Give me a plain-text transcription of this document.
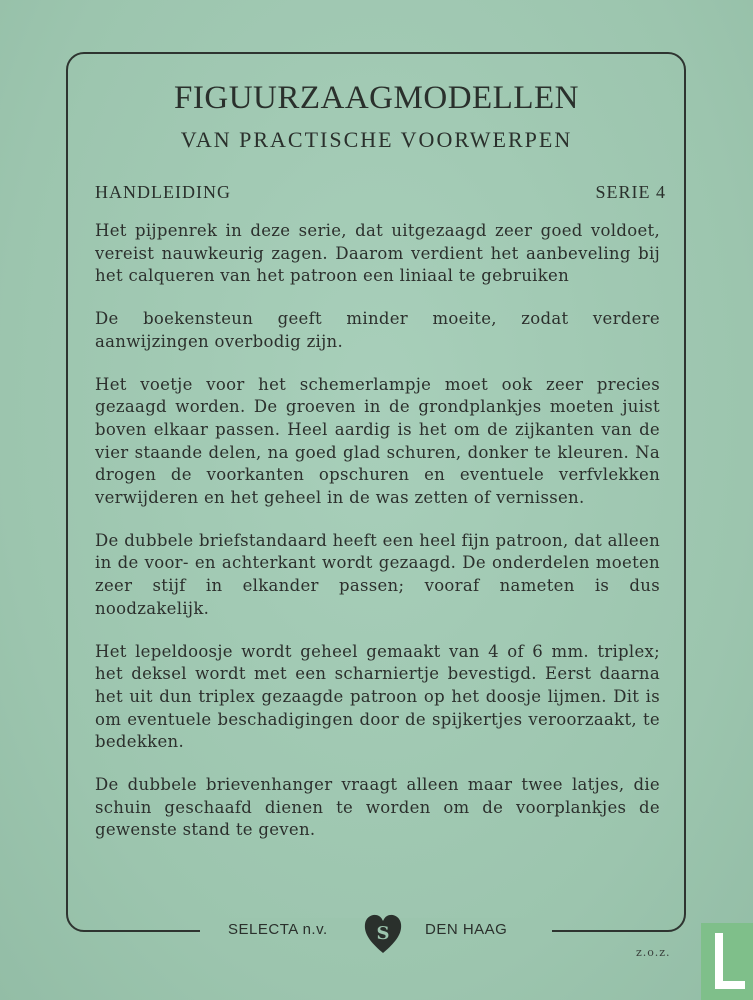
FIGUURZAAGMODELLEN
VAN PRACTISCHE VOORWERPEN
HANDLEIDING	SERIE 4

Het pijpenrek in deze serie, dat uitgezaagd zeer goed voldoet, vereist nauwkeurig zagen. Daarom verdient het aanbeveling bij het calqueren van het patroon een liniaal te gebruiken

De boekensteun geeft minder moeite, zodat verdere aanwijzingen overbodig zijn.

Het voetje voor het schemerlampje moet ook zeer precies gezaagd worden. De groeven in de grondplankjes moeten juist boven elkaar passen. Heel aardig is het om de zijkanten van de vier staande delen, na goed glad schuren, donker te kleuren. Na drogen de voorkanten opschuren en eventuele verfvlekken verwijderen en het geheel in de was zetten of vernissen.

De dubbele briefstandaard heeft een heel fijn patroon, dat alleen in de voor- en achterkant wordt gezaagd. De onderdelen moeten zeer stijf in elkander passen; vooraf nameten is dus noodzakelijk.

Het lepeldoosje wordt geheel gemaakt van 4 of 6 mm. triplex; het deksel wordt met een scharniertje bevestigd. Eerst daarna het uit dun triplex gezaagde patroon op het doosje lijmen. Dit is om eventuele beschadigingen door de spijkertjes veroorzaakt, te bedekken.

De dubbele brievenhanger vraagt alleen maar twee latjes, die schuin geschaafd dienen te worden om de voorplankjes de gewenste stand te geven.

SELECTA n.v.	S DEN HAAG
z.o.z.
